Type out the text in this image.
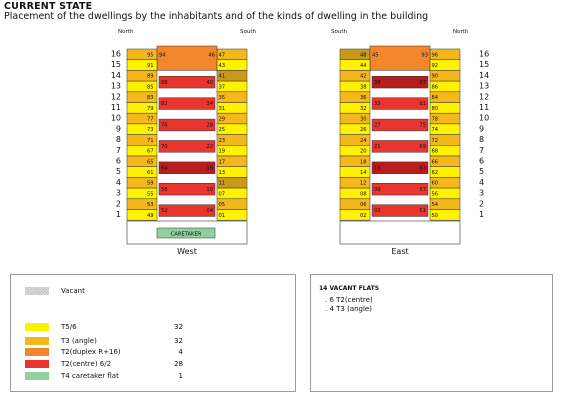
CURRENT STATE
Placement of the dwellings by the inhabitants and of the kinds of dwelling in the building
North	South
16
15
14
13
12
11
10
9
8
7
6
5
4
3
2
1
95	47
94	46
91	43
89	41
88	40
85	37
83	35
82	34
79	31
77	29
76	28
73	25
71	23
70	22
67	19
65	17
64	16
61	13
59	11
58	10
55	07
53	05
52	04
49	01
West
South	North
16
15
14
13
12
11
10
9
8
7
6
5
4
3
2
1
48	96
45	93
44	92
42	90
39	87
38	86
36	84
33	81
32	80
30	78
27	75
26	74
24	72
21	69
20	68
18	66
15	63
14	62
12	60
09	57
08	56
06	54
03	51
02	50
East
CARETAKER
Vacant
T5/6	32
T3 (angle)	32
T2(duplex R+16)	4
T2(centre) 6/2	28
T4 caretaker flat	1
14 VACANT FLATS
. 6 T2(centre)
. 4 T3 (angle)
